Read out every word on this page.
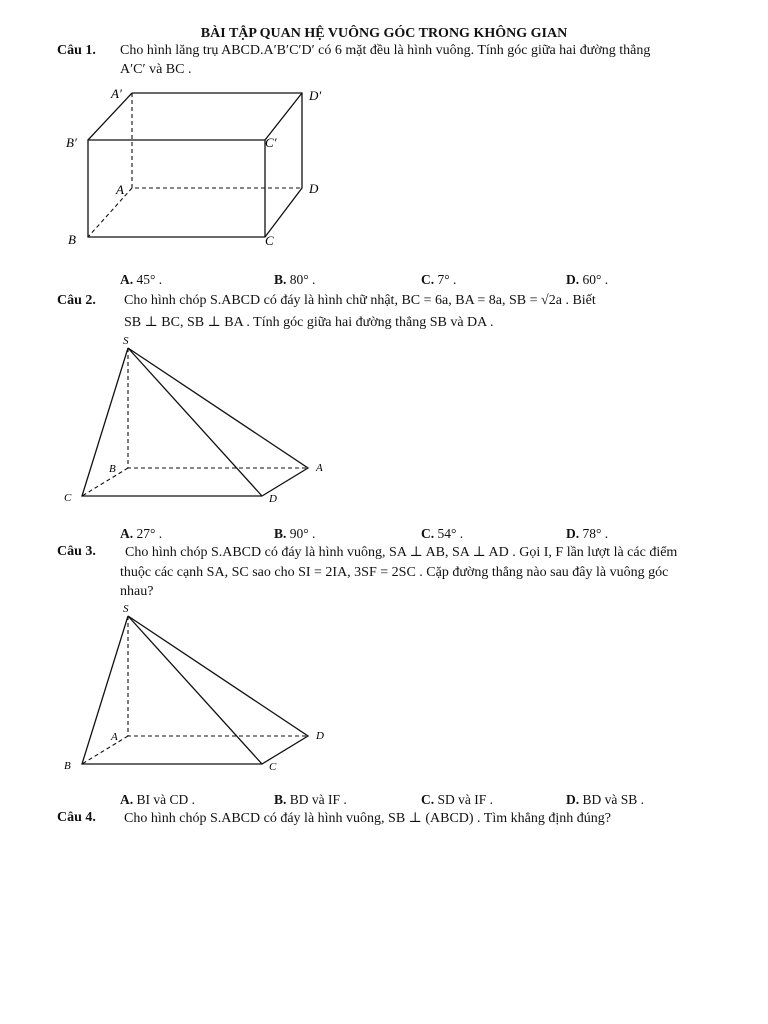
BÀI TẬP QUAN HỆ VUÔNG GÓC TRONG KHÔNG GIAN
Câu 1. Cho hình lăng trụ ABCD.A′B′C′D′ có 6 mặt đều là hình vuông. Tính góc giữa hai đường thẳng
A′C′ và BC .
A′	D′
B′	C′
A	D
B	C
A. 45° .	B. 80° .	C. 7° .	D. 60° .
Câu 2. Cho hình chóp S.ABCD có đáy là hình chữ nhật, BC = 6a, BA = 8a, SB = √2a . Biết
SB ⊥ BC, SB ⊥ BA . Tính góc giữa hai đường thẳng SB và DA .
S
B	A
C	D
A. 27° .	B. 90° .	C. 54° .	D. 78° .
Câu 3. Cho hình chóp S.ABCD có đáy là hình vuông, SA ⊥ AB, SA ⊥ AD . Gọi I, F lần lượt là các điểm
thuộc các cạnh SA, SC sao cho SI = 2IA, 3SF = 2SC . Cặp đường thẳng nào sau đây là vuông góc
nhau?
S
A	D
B	C
A. BI và CD .	B. BD và IF .	C. SD và IF .	D. BD và SB .
Câu 4. Cho hình chóp S.ABCD có đáy là hình vuông, SB ⊥ (ABCD) . Tìm khẳng định đúng?
